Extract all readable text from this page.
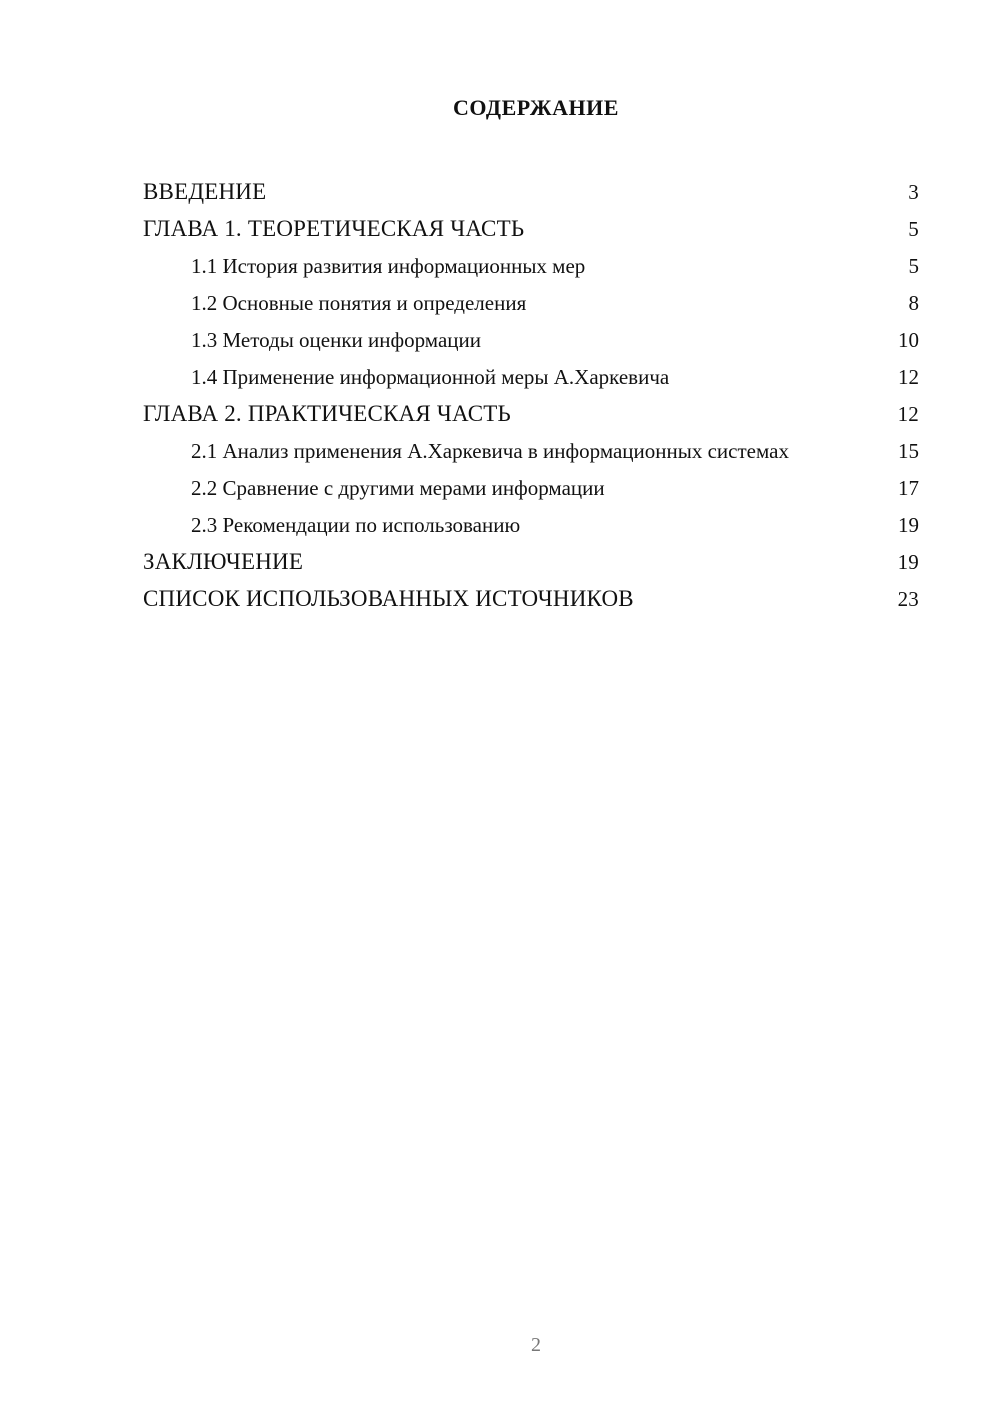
СОДЕРЖАНИЕ
ВВЕДЕНИЕ	3
ГЛАВА 1. ТЕОРЕТИЧЕСКАЯ ЧАСТЬ	5
1.1 История развития информационных мер	5
1.2 Основные понятия и определения	8
1.3 Методы оценки информации	10
1.4 Применение информационной меры А.Харкевича	12
ГЛАВА 2. ПРАКТИЧЕСКАЯ ЧАСТЬ	12
2.1 Анализ применения А.Харкевича в информационных системах	15
2.2 Сравнение с другими мерами информации	17
2.3 Рекомендации по использованию	19
ЗАКЛЮЧЕНИЕ	19
СПИСОК ИСПОЛЬЗОВАННЫХ ИСТОЧНИКОВ	23
2
